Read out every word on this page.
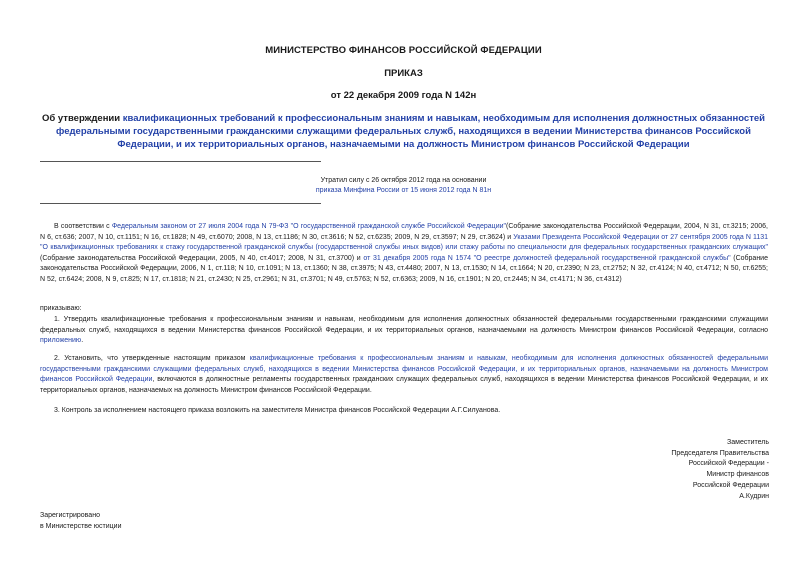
МИНИСТЕРСТВО ФИНАНСОВ РОССИЙСКОЙ ФЕДЕРАЦИИ
ПРИКАЗ
от 22 декабря 2009 года N 142н
Об утверждении квалификационных требований к профессиональным знаниям и навыкам, необходимым для исполнения должностных обязанностей федеральными государственными гражданскими служащими федеральных служб, находящихся в ведении Министерства финансов Российской Федерации, и их территориальных органов, назначаемыми на должность Министром финансов Российской Федерации
Утратил силу с 26 октября 2012 года на основании
приказа Минфина России от 15 июня 2012 года N 81н
В соответствии с Федеральным законом от 27 июля 2004 года N 79-ФЗ "О государственной гражданской службе Российской Федерации"(Собрание законодательства Российской Федерации, 2004, N 31, ст.3215; 2006, N 6, ст.636; 2007, N 10, ст.1151; N 16, ст.1828; N 49, ст.6070; 2008, N 13, ст.1186; N 30, ст.3616; N 52, ст.6235; 2009, N 29, ст.3597; N 29, ст.3624) и Указами Президента Российской Федерации от 27 сентября 2005 года N 1131 "О квалификационных требованиях к стажу государственной гражданской службы (государственной службы иных видов) или стажу работы по специальности для федеральных государственных гражданских служащих" (Собрание законодательства Российской Федерации, 2005, N 40, ст.4017; 2008, N 31, ст.3700) и от 31 декабря 2005 года N 1574 "О реестре должностей федеральной государственной гражданской службы" (Собрание законодательства Российской Федерации, 2006, N 1, ст.118; N 10, ст.1091; N 13, ст.1360; N 38, ст.3975; N 43, ст.4480; 2007, N 13, ст.1530; N 14, ст.1664; N 20, ст.2390; N 23, ст.2752; N 32, ст.4124; N 40, ст.4712; N 50, ст.6255; N 52, ст.6424; 2008, N 9, ст.825; N 17, ст.1818; N 21, ст.2430; N 25, ст.2961; N 31, ст.3701; N 49, ст.5763; N 52, ст.6363; 2009, N 16, ст.1901; N 20, ст.2445; N 34, ст.4171; N 36, ст.4312)
приказываю:
1. Утвердить квалификационные требования к профессиональным знаниям и навыкам, необходимым для исполнения должностных обязанностей федеральными государственными гражданскими служащими федеральных служб, находящихся в ведении Министерства финансов Российской Федерации, и их территориальных органов, назначаемыми на должность Министром финансов Российской Федерации, согласно приложению.
2. Установить, что утвержденные настоящим приказом квалификационные требования к профессиональным знаниям и навыкам, необходимым для исполнения должностных обязанностей федеральными государственными гражданскими служащими федеральных служб, находящихся в ведении Министерства финансов Российской Федерации, и их территориальных органов, назначаемыми на должность Министром финансов Российской Федерации, включаются в должностные регламенты государственных гражданских служащих федеральных служб, находящихся в ведении Министерства финансов Российской Федерации, и их территориальных органов, назначаемых на должность Министром финансов Российской Федерации.
3. Контроль за исполнением настоящего приказа возложить на заместителя Министра финансов Российской Федерации А.Г.Силуанова.
Заместитель
Председателя Правительства
Российской Федерации -
Министр финансов
Российской Федерации
А.Кудрин
Зарегистрировано
в Министерстве юстиции
